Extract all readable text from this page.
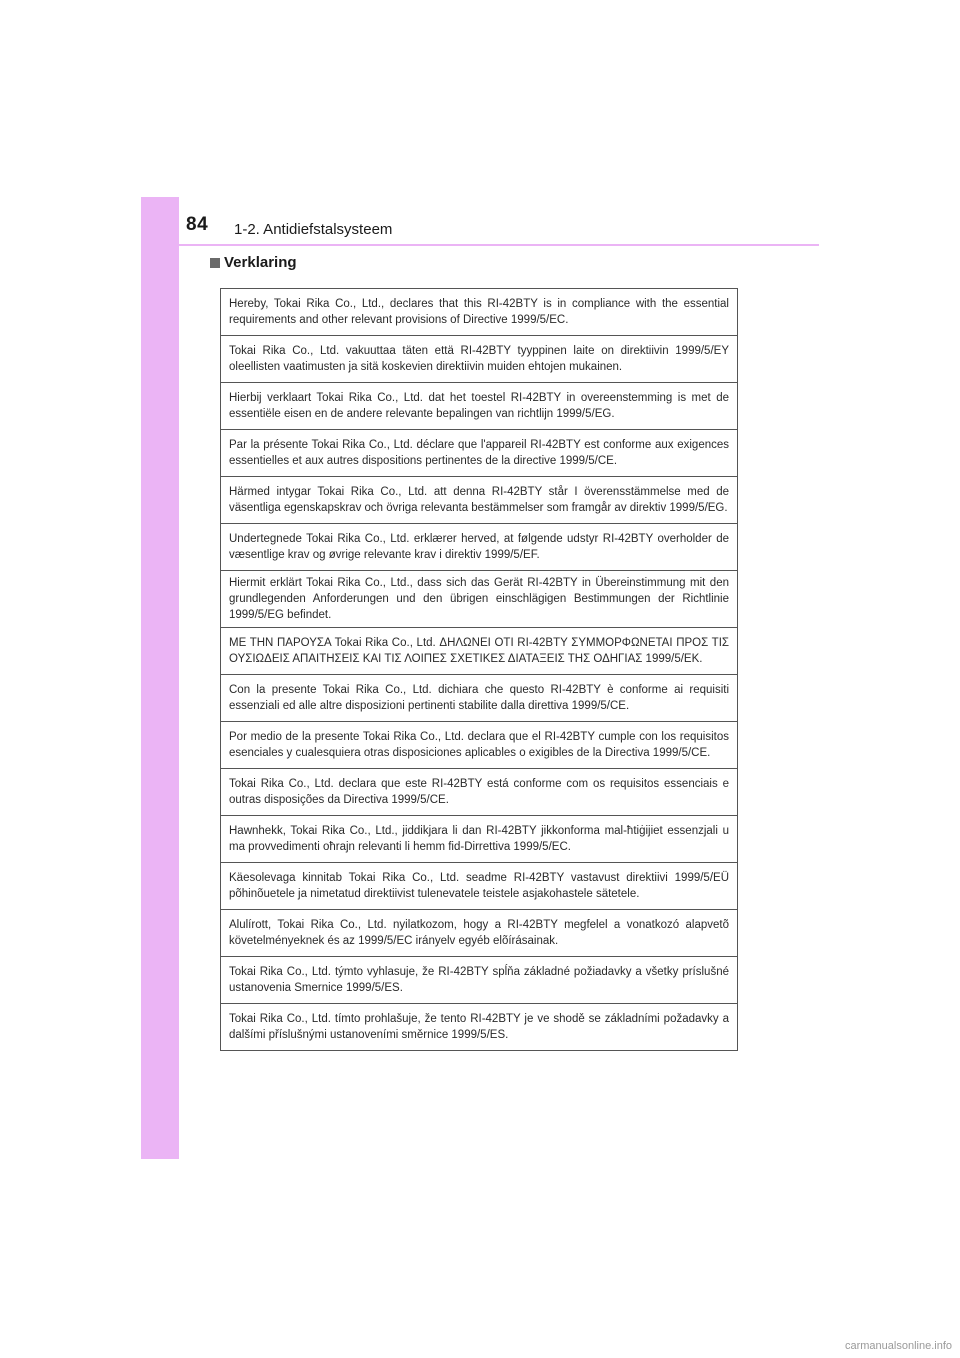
84 1-2. Antidiefstalsysteem
Verklaring
Hereby, Tokai Rika Co., Ltd., declares that this RI-42BTY is in compliance with the essential requirements and other relevant provisions of Directive 1999/5/EC.
Tokai Rika Co., Ltd. vakuuttaa täten että RI-42BTY tyyppinen laite on direktiivin 1999/5/EY oleellisten vaatimusten ja sitä koskevien direktiivin muiden ehtojen mukainen.
Hierbij verklaart Tokai Rika Co., Ltd. dat het toestel RI-42BTY in overeenstemming is met de essentiële eisen en de andere relevante bepalingen van richtlijn 1999/5/EG.
Par la présente Tokai Rika Co., Ltd. déclare que l'appareil RI-42BTY est conforme aux exigences essentielles et aux autres dispositions pertinentes de la directive 1999/5/CE.
Härmed intygar Tokai Rika Co., Ltd. att denna RI-42BTY står I överensstämmelse med de väsentliga egenskapskrav och övriga relevanta bestämmelser som framgår av direktiv 1999/5/EG.
Undertegnede Tokai Rika Co., Ltd. erklærer herved, at følgende udstyr RI-42BTY overholder de væsentlige krav og øvrige relevante krav i direktiv 1999/5/EF.
Hiermit erklärt Tokai Rika Co., Ltd., dass sich das Gerät RI-42BTY in Übereinstimmung mit den grundlegenden Anforderungen und den übrigen einschlägigen Bestimmungen der Richtlinie 1999/5/EG befindet.
ΜΕ ΤΗΝ ΠΑΡΟΥΣΑ Tokai Rika Co., Ltd. ΔΗΛΩΝΕΙ ΟΤΙ RI-42BTY ΣΥΜΜΟΡΦΩΝΕΤΑΙ ΠΡΟΣ ΤΙΣ ΟΥΣΙΩΔΕΙΣ ΑΠΑΙΤΗΣΕΙΣ ΚΑΙ ΤΙΣ ΛΟΙΠΕΣ ΣΧΕΤΙΚΕΣ ΔΙΑΤΑΞΕΙΣ ΤΗΣ ΟΔΗΓΙΑΣ 1999/5/ΕΚ.
Con la presente Tokai Rika Co., Ltd. dichiara che questo RI-42BTY è conforme ai requisiti essenziali ed alle altre disposizioni pertinenti stabilite dalla direttiva 1999/5/CE.
Por medio de la presente Tokai Rika Co., Ltd. declara que el RI-42BTY cumple con los requisitos esenciales y cualesquiera otras disposiciones aplicables o exigibles de la Directiva 1999/5/CE.
Tokai Rika Co., Ltd. declara que este RI-42BTY está conforme com os requisitos essenciais e outras disposições da Directiva 1999/5/CE.
Hawnhekk, Tokai Rika Co., Ltd., jiddikjara li dan RI-42BTY jikkonforma mal-ħtiġijiet essenzjali u ma provvedimenti oħrajn relevanti li hemm fid-Dirrettiva 1999/5/EC.
Käesolevaga kinnitab Tokai Rika Co., Ltd. seadme RI-42BTY vastavust direktiivi 1999/5/EÜ põhinõuetele ja nimetatud direktiivist tulenevatele teistele asjakohastele sätetele.
Alulírott, Tokai Rika Co., Ltd. nyilatkozom, hogy a RI-42BTY megfelel a vonatkozó alapvetõ követelményeknek és az 1999/5/EC irányelv egyéb elõírásainak.
Tokai Rika Co., Ltd. týmto vyhlasuje, že RI-42BTY spĺňa základné požiadavky a všetky príslušné ustanovenia Smernice 1999/5/ES.
Tokai Rika Co., Ltd. tímto prohlašuje, že tento RI-42BTY je ve shodě se základními požadavky a dalšími příslušnými ustanoveními směrnice 1999/5/ES.
carmanualsonline.info
